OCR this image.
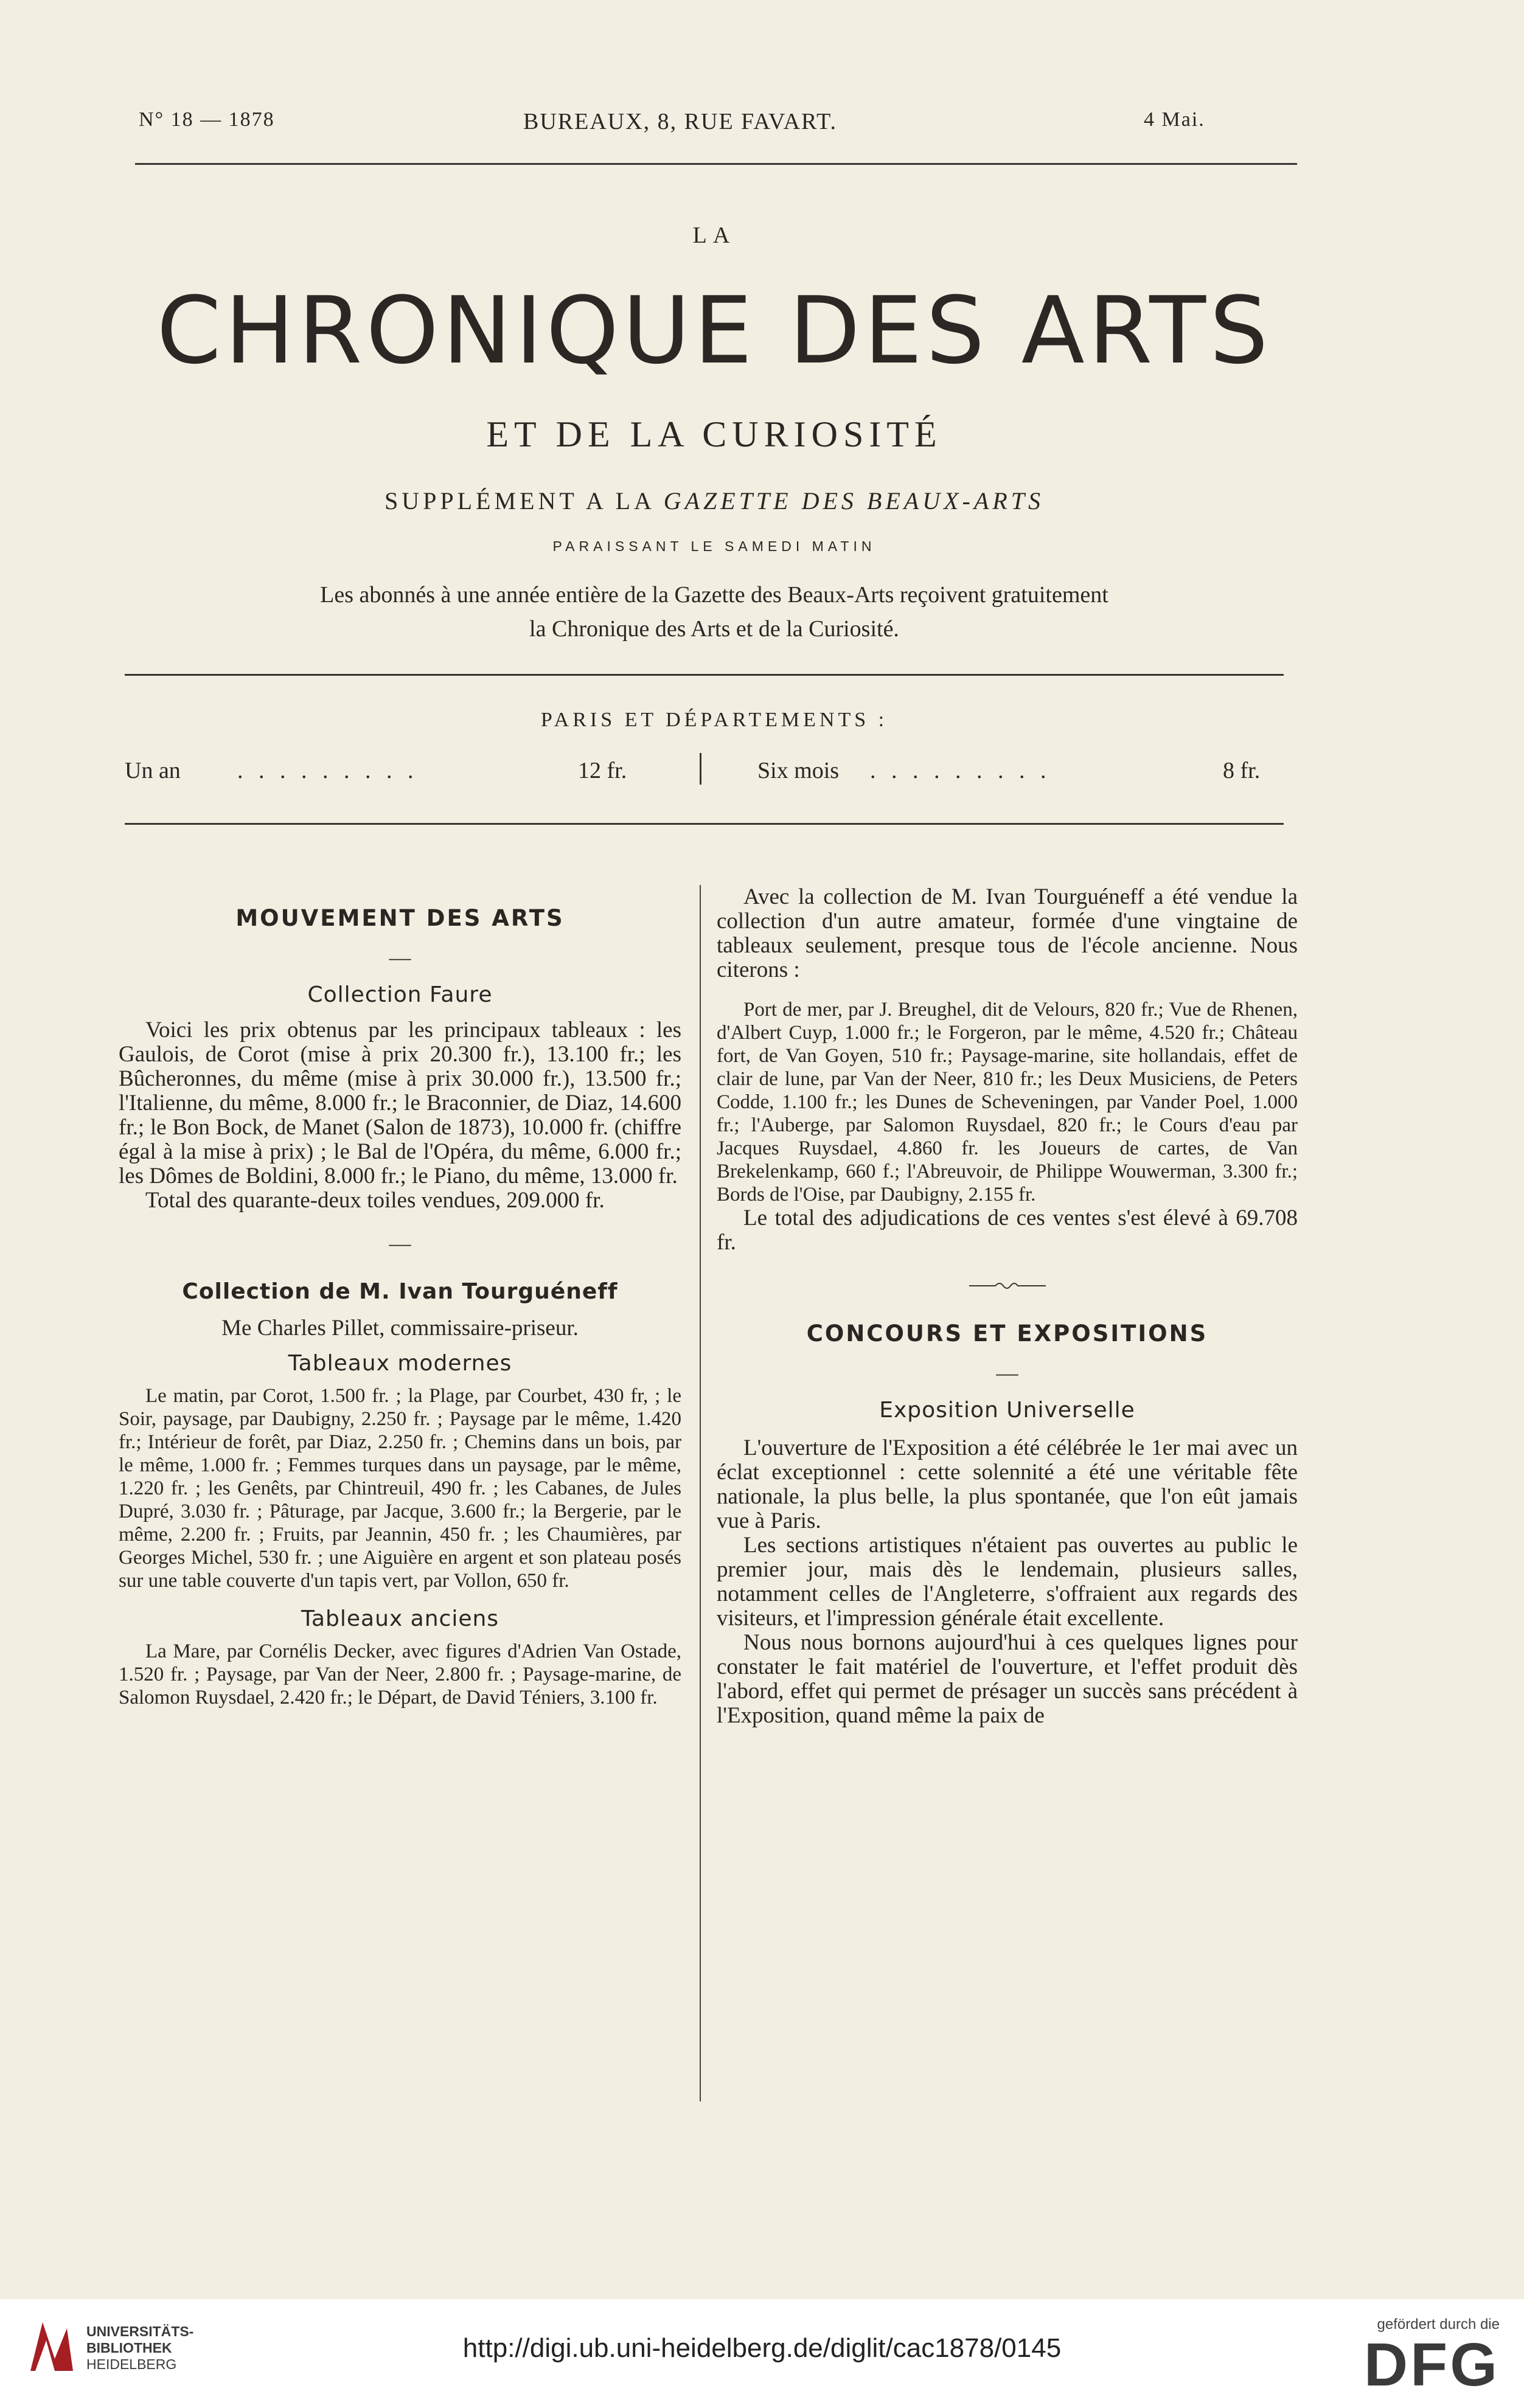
N° 18 — 1878	BUREAUX, 8, RUE FAVART.	4 Mai.
LA
CHRONIQUE DES ARTS
ET DE LA CURIOSITÉ
SUPPLÉMENT A LA GAZETTE DES BEAUX-ARTS
PARAISSANT LE SAMEDI MATIN
Les abonnés à une année entière de la Gazette des Beaux-Arts reçoivent gratuitement
la Chronique des Arts et de la Curiosité.
PARIS ET DÉPARTEMENTS :
Un an . . . . . . . . .	12 fr.	Six mois . . . . . . . . .	8 fr.
MOUVEMENT DES ARTS
—
Collection Faure

Voici les prix obtenus par les principaux tableaux : les Gaulois, de Corot (mise à prix 20.300 fr.), 13.100 fr.; les Bûcheronnes, du même (mise à prix 30.000 fr.), 13.500 fr.; l'Italienne, du même, 8.000 fr.; le Braconnier, de Diaz, 14.600 fr.; le Bon Bock, de Manet (Salon de 1873), 10.000 fr. (chiffre égal à la mise à prix) ; le Bal de l'Opéra, du même, 6.000 fr.; les Dômes de Boldini, 8.000 fr.; le Piano, du même, 13.000 fr.

Total des quarante-deux toiles vendues, 209.000 fr.

—
Collection de M. Ivan Tourguéneff
Me Charles Pillet, commissaire-priseur.
Tableaux modernes

Le matin, par Corot, 1.500 fr. ; la Plage, par Courbet, 430 fr, ; le Soir, paysage, par Daubigny, 2.250 fr. ; Paysage par le même, 1.420 fr.; Intérieur de forêt, par Diaz, 2.250 fr. ; Chemins dans un bois, par le même, 1.000 fr. ; Femmes turques dans un paysage, par le même, 1.220 fr. ; les Genêts, par Chintreuil, 490 fr. ; les Cabanes, de Jules Dupré, 3.030 fr. ; Pâturage, par Jacque, 3.600 fr.; la Bergerie, par le même, 2.200 fr. ; Fruits, par Jeannin, 450 fr. ; les Chaumières, par Georges Michel, 530 fr. ; une Aiguière en argent et son plateau posés sur une table couverte d'un tapis vert, par Vollon, 650 fr.

Tableaux anciens

La Mare, par Cornélis Decker, avec figures d'Adrien Van Ostade, 1.520 fr. ; Paysage, par Van der Neer, 2.800 fr. ; Paysage-marine, de Salomon Ruysdael, 2.420 fr.; le Départ, de David Téniers, 3.100 fr.

Avec la collection de M. Ivan Tourguéneff a été vendue la collection d'un autre amateur, formée d'une vingtaine de tableaux seulement, presque tous de l'école ancienne. Nous citerons :

Port de mer, par J. Breughel, dit de Velours, 820 fr.; Vue de Rhenen, d'Albert Cuyp, 1.000 fr.; le Forgeron, par le même, 4.520 fr.; Château fort, de Van Goyen, 510 fr.; Paysage-marine, site hollandais, effet de clair de lune, par Van der Neer, 810 fr.; les Deux Musiciens, de Peters Codde, 1.100 fr.; les Dunes de Scheveningen, par Vander Poel, 1.000 fr.; l'Auberge, par Salomon Ruysdael, 820 fr.; le Cours d'eau par Jacques Ruysdael, 4.860 fr. les Joueurs de cartes, de Van Brekelenkamp, 660 f.; l'Abreuvoir, de Philippe Wouwerman, 3.300 fr.; Bords de l'Oise, par Daubigny, 2.155 fr.

Le total des adjudications de ces ventes s'est élevé à 69.708 fr.

CONCOURS ET EXPOSITIONS
—
Exposition Universelle

L'ouverture de l'Exposition a été célébrée le 1er mai avec un éclat exceptionnel : cette solennité a été une véritable fête nationale, la plus belle, la plus spontanée, que l'on eût jamais vue à Paris.

Les sections artistiques n'étaient pas ouvertes au public le premier jour, mais dès le lendemain, plusieurs salles, notamment celles de l'Angleterre, s'offraient aux regards des visiteurs, et l'impression générale était excellente.

Nous nous bornons aujourd'hui à ces quelques lignes pour constater le fait matériel de l'ouverture, et l'effet produit dès l'abord, effet qui permet de présager un succès sans précédent à l'Exposition, quand même la paix de

UNIVERSITÄTS-
BIBLIOTHEK
HEIDELBERG
http://digi.ub.uni-heidelberg.de/diglit/cac1878/0145
gefördert durch die
DFG
